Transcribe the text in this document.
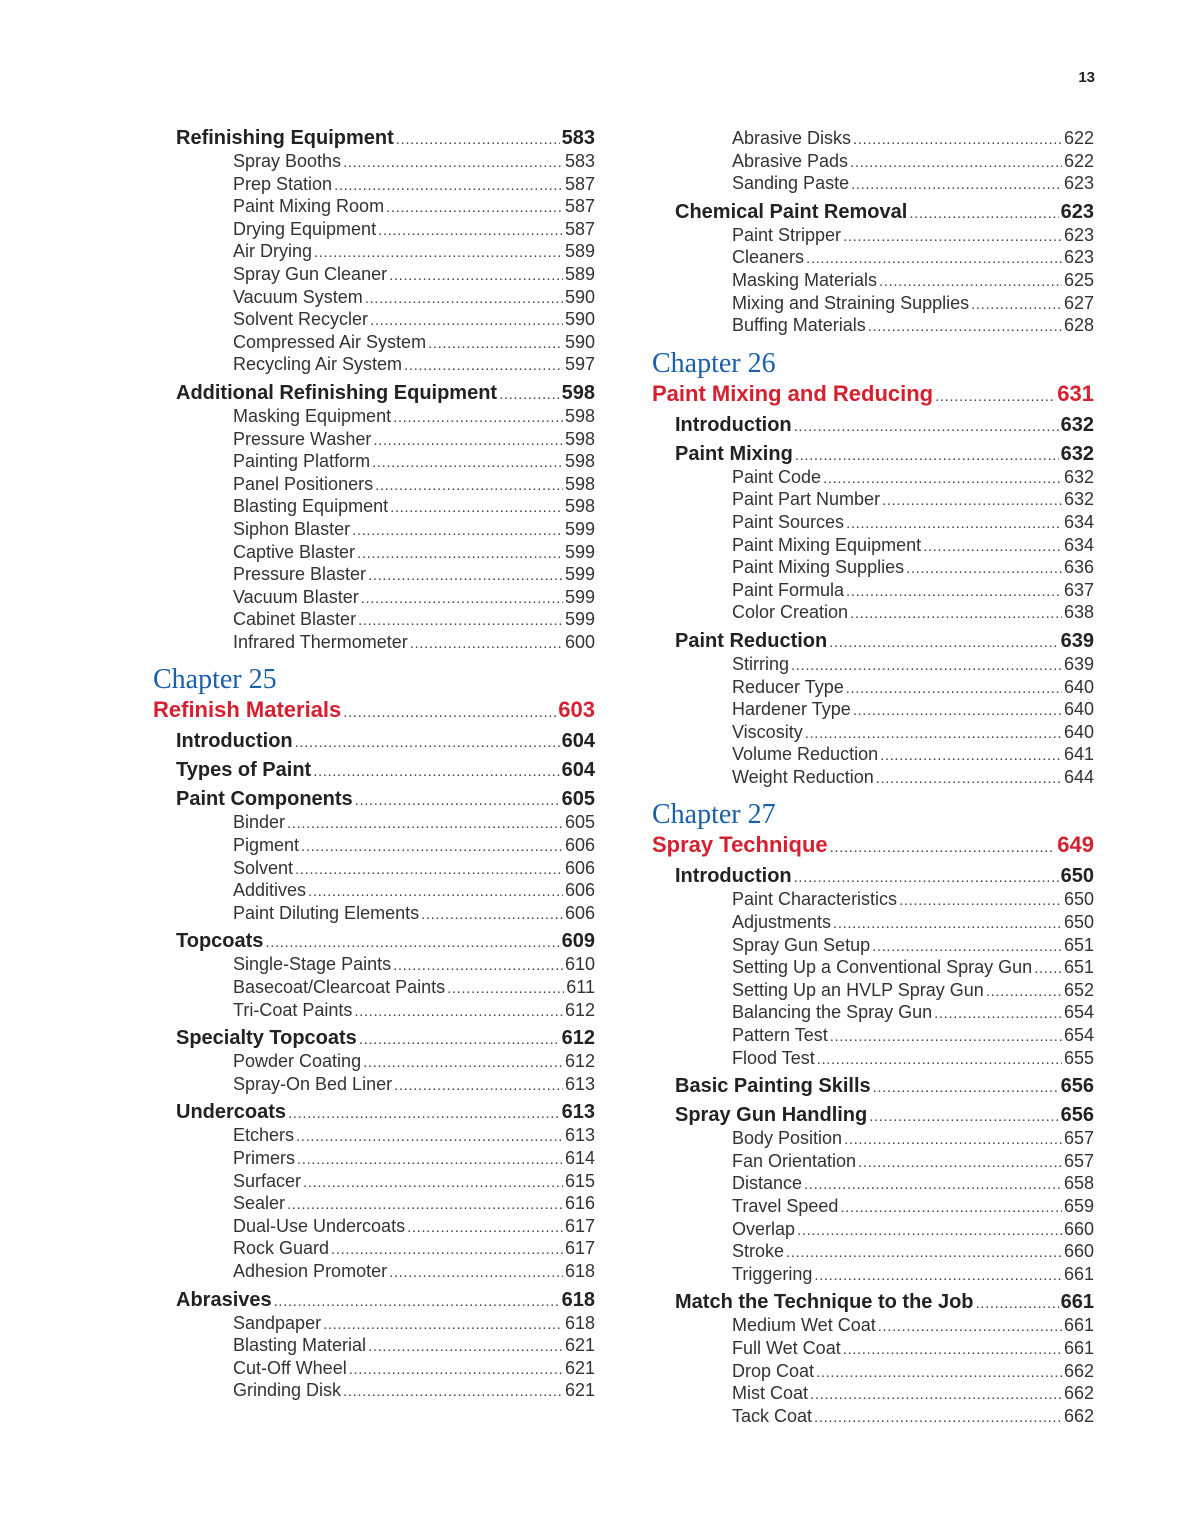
13
Refinishing Equipment .....	583
Spray Booths .....	583
Prep Station .....	587
Paint Mixing Room .....	587
Drying Equipment .....	587
Air Drying .....	589
Spray Gun Cleaner .....	589
Vacuum System .....	590
Solvent Recycler .....	590
Compressed Air System .....	590
Recycling Air System .....	597
Additional Refinishing Equipment .....	598
Masking Equipment .....	598
Pressure Washer .....	598
Painting Platform .....	598
Panel Positioners .....	598
Blasting Equipment .....	598
Siphon Blaster .....	599
Captive Blaster .....	599
Pressure Blaster .....	599
Vacuum Blaster .....	599
Cabinet Blaster .....	599
Infrared Thermometer .....	600
Chapter 25
Refinish Materials .....	603
Introduction .....	604
Types of Paint .....	604
Paint Components .....	605
Binder .....	605
Pigment .....	606
Solvent .....	606
Additives .....	606
Paint Diluting Elements .....	606
Topcoats .....	609
Single-Stage Paints .....	610
Basecoat/Clearcoat Paints .....	611
Tri-Coat Paints .....	612
Specialty Topcoats .....	612
Powder Coating .....	612
Spray-On Bed Liner .....	613
Undercoats .....	613
Etchers .....	613
Primers .....	614
Surfacer .....	615
Sealer .....	616
Dual-Use Undercoats .....	617
Rock Guard .....	617
Adhesion Promoter .....	618
Abrasives .....	618
Sandpaper .....	618
Blasting Material .....	621
Cut-Off Wheel .....	621
Grinding Disk .....	621
Abrasive Disks .....	622
Abrasive Pads .....	622
Sanding Paste .....	623
Chemical Paint Removal .....	623
Paint Stripper .....	623
Cleaners .....	623
Masking Materials .....	625
Mixing and Straining Supplies .....	627
Buffing Materials .....	628
Chapter 26
Paint Mixing and Reducing .....	631
Introduction .....	632
Paint Mixing .....	632
Paint Code .....	632
Paint Part Number .....	632
Paint Sources .....	634
Paint Mixing Equipment .....	634
Paint Mixing Supplies .....	636
Paint Formula .....	637
Color Creation .....	638
Paint Reduction .....	639
Stirring .....	639
Reducer Type .....	640
Hardener Type .....	640
Viscosity .....	640
Volume Reduction .....	641
Weight Reduction .....	644
Chapter 27
Spray Technique .....	649
Introduction .....	650
Paint Characteristics .....	650
Adjustments .....	650
Spray Gun Setup .....	651
Setting Up a Conventional Spray Gun ..... 651
Setting Up an HVLP Spray Gun .....	652
Balancing the Spray Gun .....	654
Pattern Test .....	654
Flood Test .....	655
Basic Painting Skills .....	656
Spray Gun Handling .....	656
Body Position .....	657
Fan Orientation .....	657
Distance .....	658
Travel Speed .....	659
Overlap .....	660
Stroke .....	660
Triggering .....	661
Match the Technique to the Job .....	661
Medium Wet Coat .....	661
Full Wet Coat .....	661
Drop Coat .....	662
Mist Coat .....	662
Tack Coat .....	662
